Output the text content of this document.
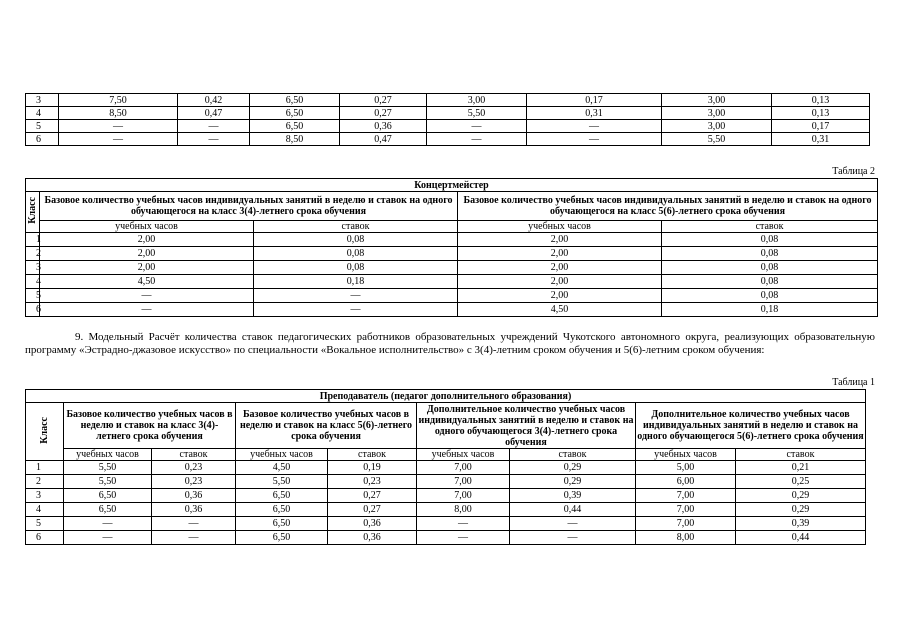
3	7,50	0,42	6,50	0,27	3,00	0,17	3,00	0,13
4	8,50	0,47	6,50	0,27	5,50	0,31	3,00	0,13
5	—	—	6,50	0,36	—	—	3,00	0,17
6	—	—	8,50	0,47	—	—	5,50	0,31
Таблица 2
Концертмейстер				
Класс	Базовое количество учебных часов индивидуальных занятий в неделю и ставок на одного обучающегося на класс 3(4)-летнего срока обучения		Базовое количество учебных часов индивидуальных занятий в неделю и ставок на одного обучающегося на класс 5(6)-летнего срока обучения	
	учебных часов	ставок	учебных часов	ставок
1	2,00	0,08	2,00	0,08
2	2,00	0,08	2,00	0,08
3	2,00	0,08	2,00	0,08
4	4,50	0,18	2,00	0,08
5	—	—	2,00	0,08
6	—	—	4,50	0,18
9. Модельный Расчёт количества ставок педагогических работников образовательных учреждений Чукотского автономного округа, реализующих образовательную программу «Эстрадно-джазовое искусство» по специальности «Вокальное исполнительство» с 3(4)-летним сроком обучения и 5(6)-летним сроком обучения:
Таблица 1
Преподаватель (педагог дополнительного образования)								
Класс	Базовое количество учебных часов в неделю и ставок на класс 3(4)-летнего срока обучения		Базовое количество учебных часов в неделю и ставок на класс 5(6)-летнего срока обучения		Дополнительное количество учебных часов индивидуальных занятий в неделю и ставок на одного обучающегося 3(4)-летнего срока обучения		Дополнительное количество учебных часов индивидуальных занятий в неделю и ставок на одного обучающегося 5(6)-летнего срока обучения	
	учебных часов	ставок	учебных часов	ставок	учебных часов	ставок	учебных часов	ставок
1	5,50	0,23	4,50	0,19	7,00	0,29	5,00	0,21
2	5,50	0,23	5,50	0,23	7,00	0,29	6,00	0,25
3	6,50	0,36	6,50	0,27	7,00	0,39	7,00	0,29
4	6,50	0,36	6,50	0,27	8,00	0,44	7,00	0,29
5	—	—	6,50	0,36	—	—	7,00	0,39
6	—	—	6,50	0,36	—	—	8,00	0,44
